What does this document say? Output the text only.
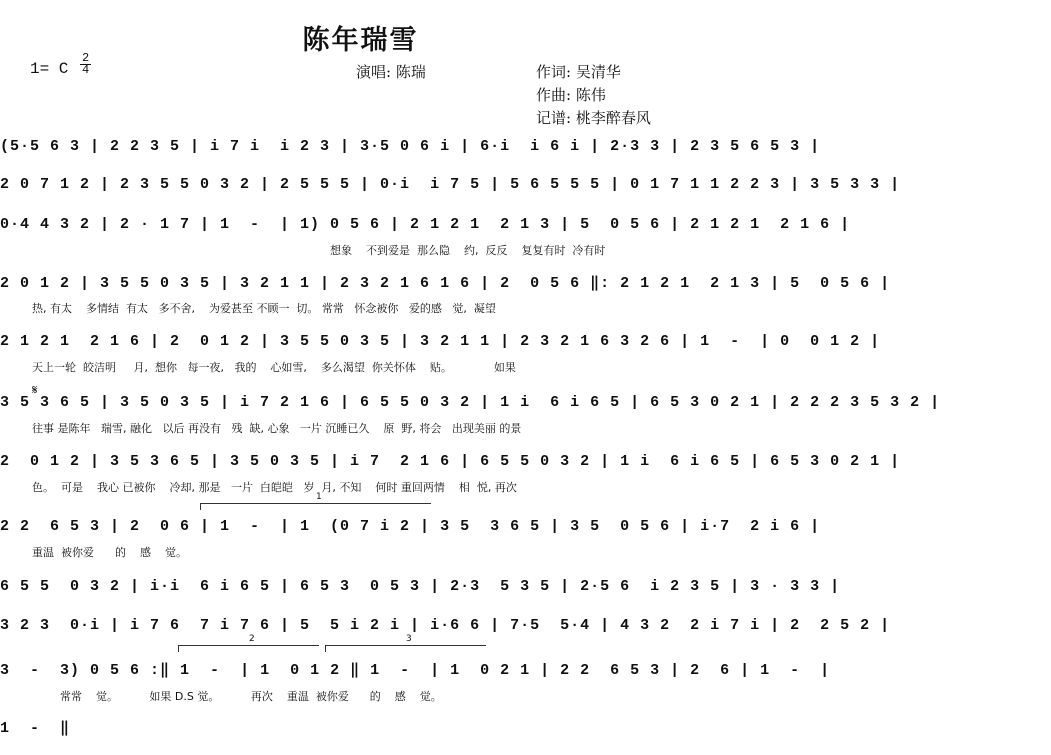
陈年瑞雪
1= C
2
4	演唱: 陈瑞	作词: 吴清华
作曲: 陈伟
记谱: 桃李醉春风
(5·5 6 3 | 2 2 3 5 | i 7 i  i 2 3 | 3·5 0 6 i | 6·i  i 6 i | 2·3 3 | 2 3 5 6 5 3 |
2 0 7 1 2 | 2 3 5 5 0 3 2 | 2 5 5 5 | 0·i  i 7 5 | 5 6 5 5 5 | 0 1 7 1 1 2 2 3 | 3 5 3 3 |
0·4 4 3 2 | 2 · 1 7 | 1  -  | 1) 0 5 6 | 2 1 2 1  2 1 3 | 5  0 5 6 | 2 1 2 1  2 1 6 |
想象    不到爱是  那么隐    约,  反反    复复有时  冷有时
2 0 1 2 | 3 5 5 0 3 5 | 3 2 1 1 | 2 3 2 1 6 1 6 | 2  0 5 6 ‖: 2 1 2 1  2 1 3 | 5  0 5 6 |
热, 有太    多情结  有太   多不舍,    为爱甚至 不顾一  切。 常常   怀念被你   爱的感   觉,  凝望
2 1 2 1  2 1 6 | 2  0 1 2 | 3 5 5 0 3 5 | 3 2 1 1 | 2 3 2 1 6 3 2 6 | 1  -  | 0  0 1 2 |
天上一轮  皎洁明     月,  想你   每一夜,   我的    心如雪,    多么渴望  你关怀体    贴。            如果
𝄋
3 5 3 6 5 | 3 5 0 3 5 | i 7 2 1 6 | 6 5 5 0 3 2 | 1 i  6 i 6 5 | 6 5 3 0 2 1 | 2 2 2 3 5 3 2 |
往事 是陈年   瑞雪, 融化   以后 再没有   残  缺, 心象   一片 沉睡已久    原  野, 将会   出现美丽 的景
2  0 1 2 | 3 5 3 6 5 | 3 5 0 3 5 | i 7  2 1 6 | 6 5 5 0 3 2 | 1 i  6 i 6 5 | 6 5 3 0 2 1 |
色。  可是    我心 已被你    冷却, 那是   一片  白皑皑   岁  月, 不知    何时 重回两情    相  悦, 再次
1
2 2  6 5 3 | 2  0 6 | 1  -  | 1  (0 7 i 2 | 3 5  3 6 5 | 3 5  0 5 6 | i·7  2 i 6 |
重温  被你爱      的    感    觉。
6 5 5  0 3 2 | i·i  6 i 6 5 | 6 5 3  0 5 3 | 2·3  5 3 5 | 2·5 6  i 2 3 5 | 3 · 3 3 |
3 2 3  0·i | i 7 6  7 i 7 6 | 5  5 i 2 i | i·6 6 | 7·5  5·4 | 4 3 2  2 i 7 i | 2  2 5 2 |
2	3
3  -  3) 0 5 6 :‖ 1  -  | 1  0 1 2 ‖ 1  -  | 1  0 2 1 | 2 2  6 5 3 | 2  6 | 1  -  |
常常    觉。         如果 D.S 觉。         再次    重温  被你爱      的    感    觉。
1  -  ‖
